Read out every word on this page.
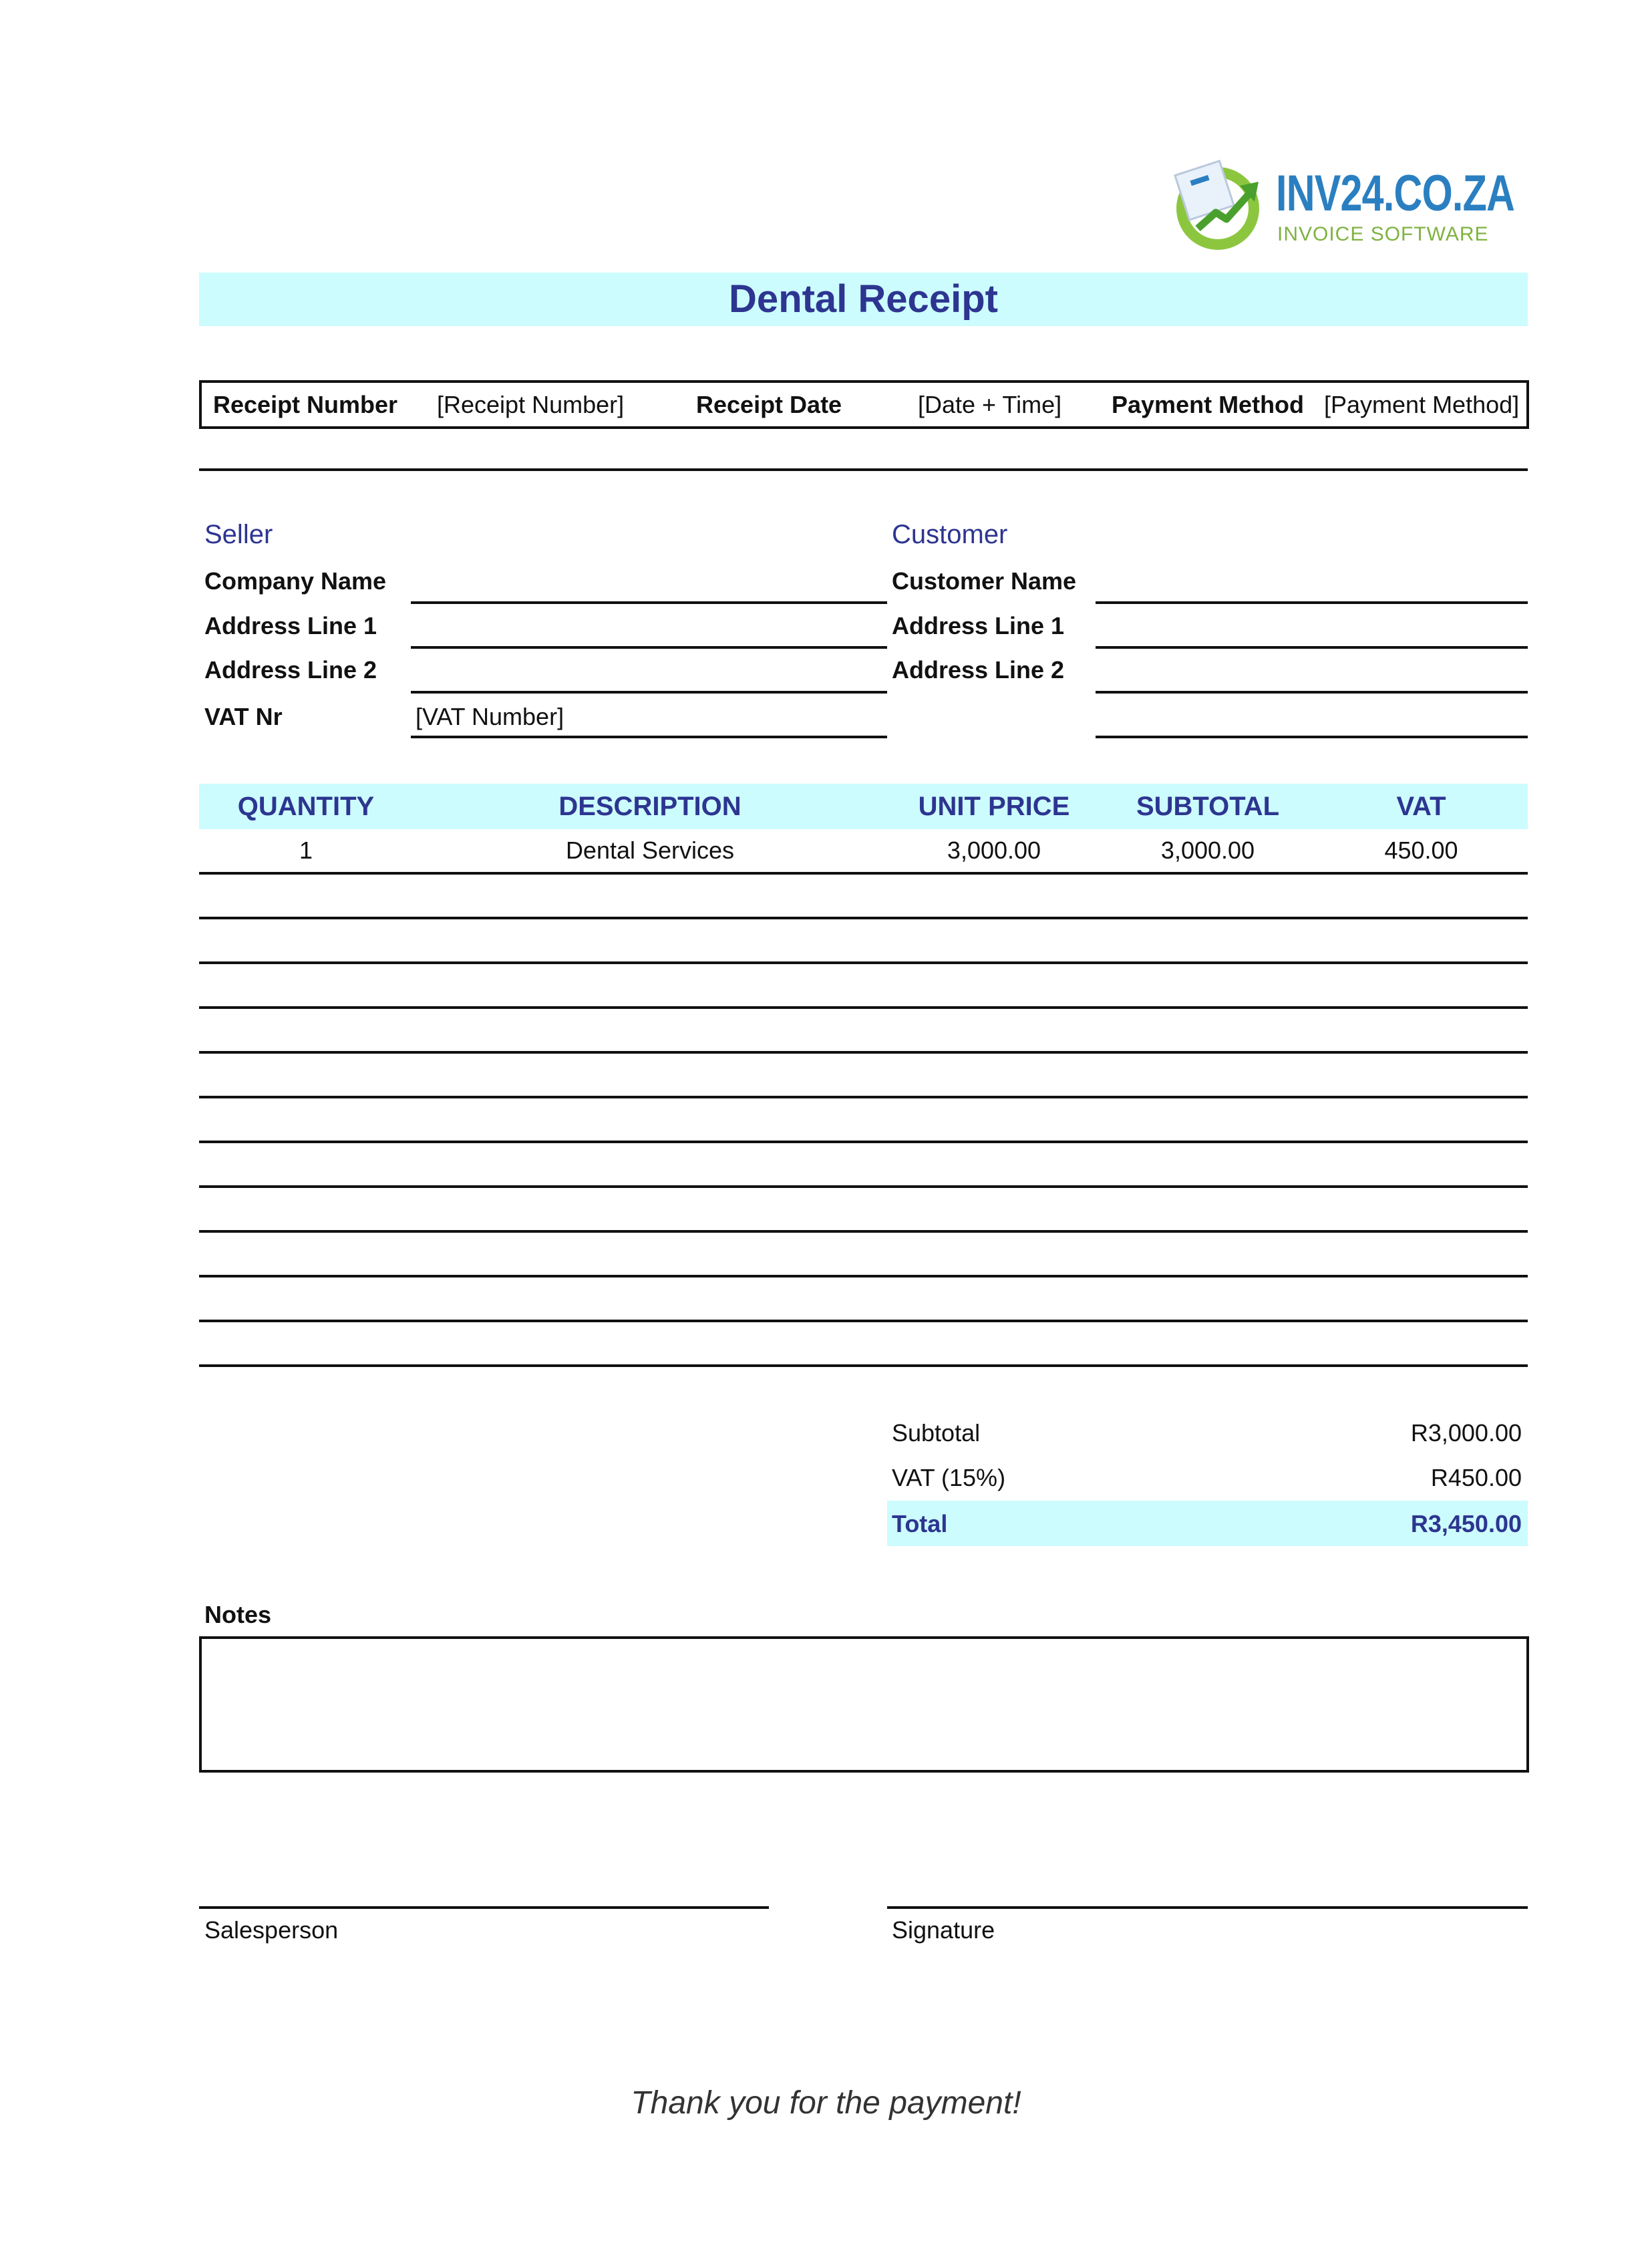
INV24.CO.ZA
INVOICE SOFTWARE
Dental Receipt
Receipt Number [Receipt Number]	Receipt Date	[Date + Time] Payment Method [Payment Method]
Seller
Company Name
Address Line 1
Address Line 2
VAT Nr	[VAT Number]
Customer
Customer Name
Address Line 1
Address Line 2
QUANTITY	DESCRIPTION	UNIT PRICE	SUBTOTAL	VAT
1	Dental Services	3,000.00	3,000.00	450.00
Subtotal	R3,000.00
VAT (15%)	R450.00
Total	R3,450.00
Notes
Salesperson	Signature
Thank you for the payment!
